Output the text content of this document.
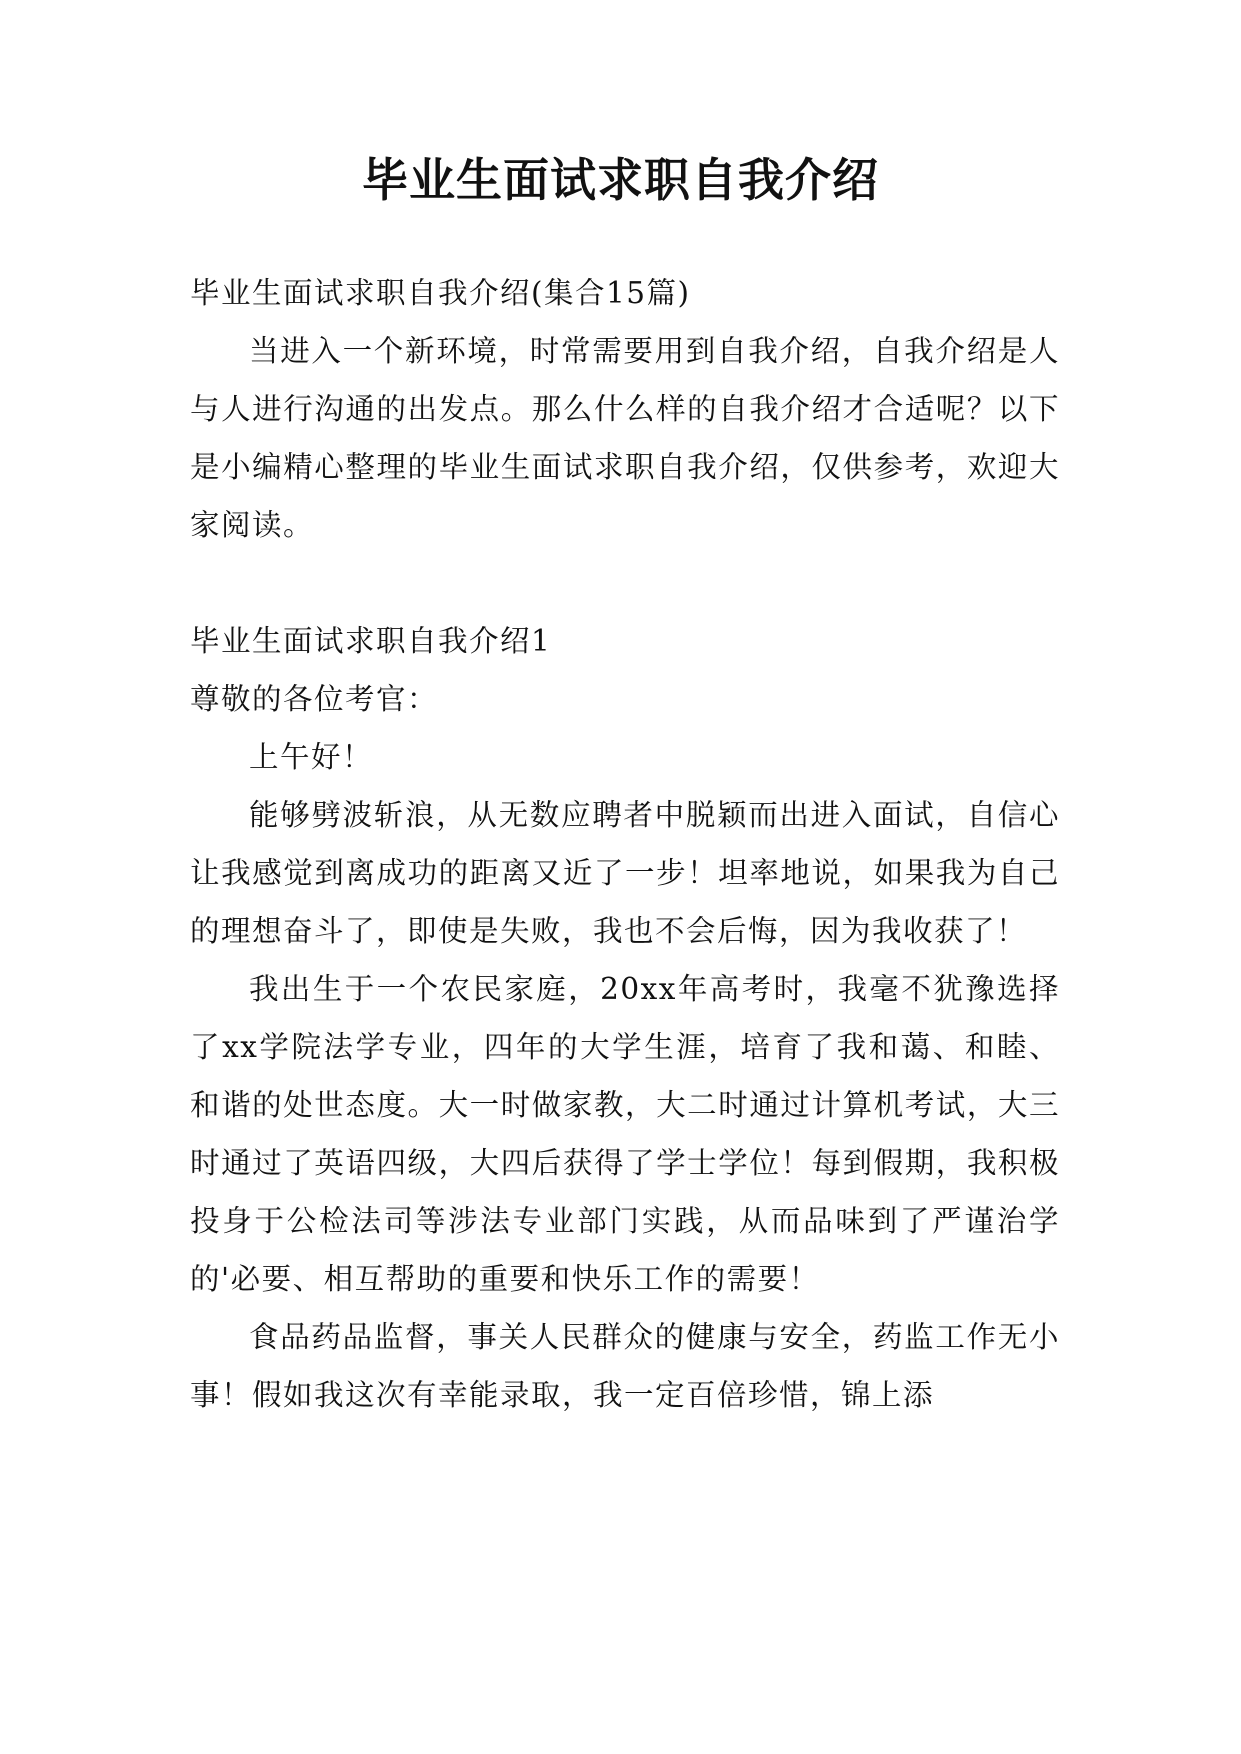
毕业生面试求职自我介绍

毕业生面试求职自我介绍(集合15篇)

当进入一个新环境，时常需要用到自我介绍，自我介绍是人与人进行沟通的出发点。那么什么样的自我介绍才合适呢？以下是小编精心整理的毕业生面试求职自我介绍，仅供参考，欢迎大家阅读。

毕业生面试求职自我介绍1

尊敬的各位考官：

上午好！

能够劈波斩浪，从无数应聘者中脱颖而出进入面试，自信心让我感觉到离成功的距离又近了一步！坦率地说，如果我为自己的理想奋斗了，即使是失败，我也不会后悔，因为我收获了！

我出生于一个农民家庭，20xx年高考时，我毫不犹豫选择了xx学院法学专业，四年的大学生涯，培育了我和蔼、和睦、和谐的处世态度。大一时做家教，大二时通过计算机考试，大三时通过了英语四级，大四后获得了学士学位！每到假期，我积极投身于公检法司等涉法专业部门实践，从而品味到了严谨治学的'必要、相互帮助的重要和快乐工作的需要！

食品药品监督，事关人民群众的健康与安全，药监工作无小事！假如我这次有幸能录取，我一定百倍珍惜，锦上添
